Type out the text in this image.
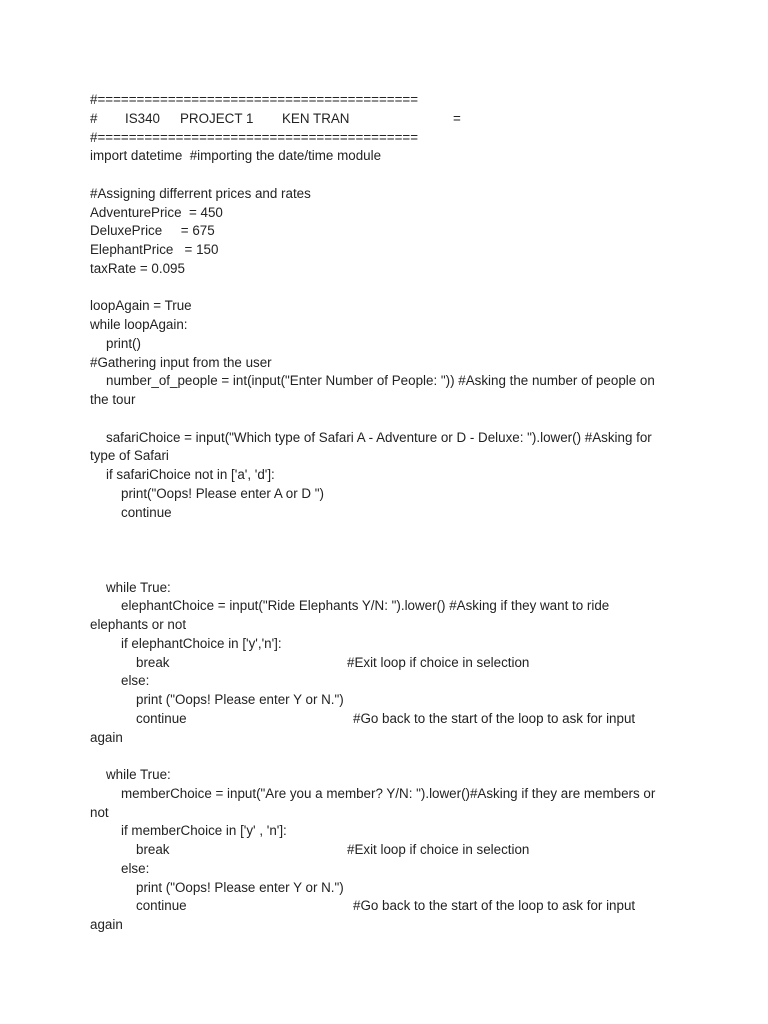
#=========================================

#

IS340

PROJECT 1

KEN TRAN

	=

#=========================================
import datetime  #importing the date/time module
#Assigning differrent prices and rates
AdventurePrice  = 450
DeluxePrice     = 675
ElephantPrice   = 150
taxRate = 0.095
loopAgain = True
while loopAgain:
print()
#Gathering input from the user
number_of_people = int(input("Enter Number of People: ")) #Asking the number of people on
the tour
safariChoice = input("Which type of Safari A - Adventure or D - Deluxe: ").lower() #Asking for
type of Safari
if safariChoice not in ['a', 'd']:
print("Oops! Please enter A or D ")
continue
while True:
elephantChoice = input("Ride Elephants Y/N: ").lower() #Asking if they want to ride
elephants or not
if elephantChoice in ['y','n']:

break

	#Exit loop if choice in selection

else:
print ("Oops! Please enter Y or N.")

continue

	#Go back to the start of the loop to ask for input

again
while True:
memberChoice = input("Are you a member? Y/N: ").lower()#Asking if they are members or
not
if memberChoice in ['y' , 'n']:

break

	#Exit loop if choice in selection

else:
print ("Oops! Please enter Y or N.")

continue

	#Go back to the start of the loop to ask for input

again
